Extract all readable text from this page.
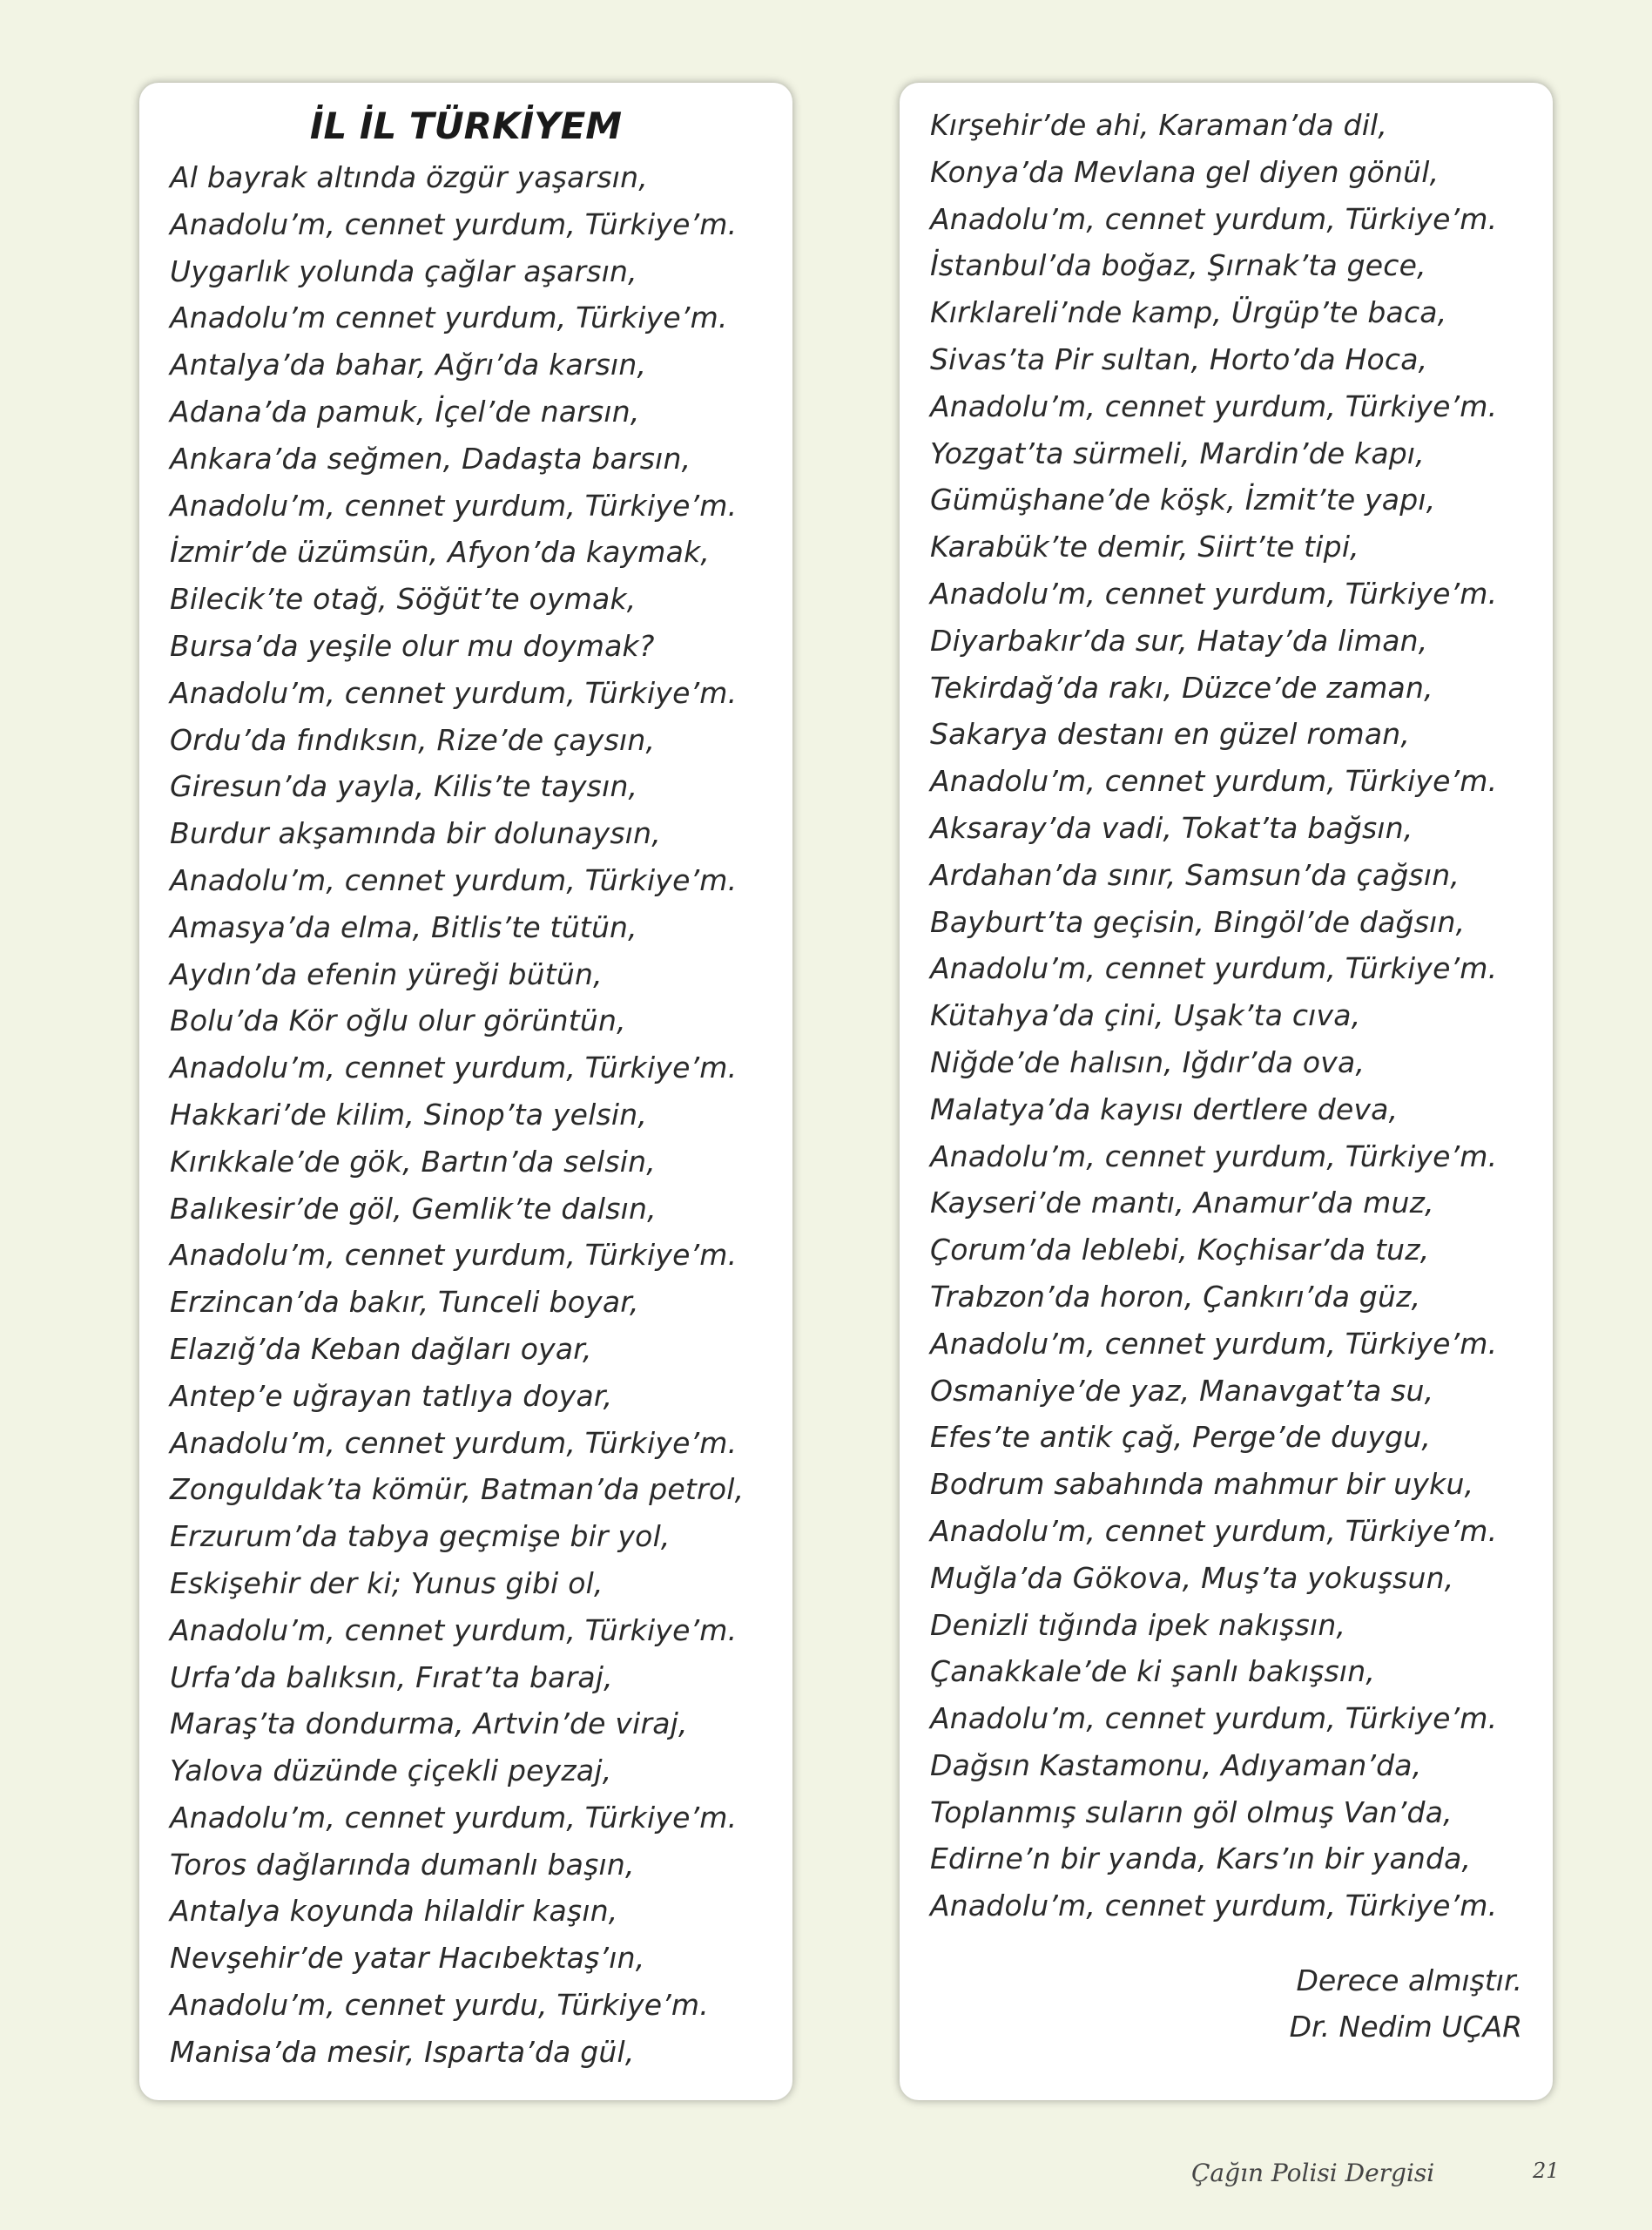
İL İL TÜRKİYEM
Al bayrak altında özgür yaşarsın,
Anadolu’m, cennet yurdum, Türkiye’m.
Uygarlık yolunda çağlar aşarsın,
Anadolu’m cennet yurdum, Türkiye’m.
Antalya’da bahar, Ağrı’da karsın,
Adana’da pamuk, İçel’de narsın,
Ankara’da seğmen, Dadaşta barsın,
Anadolu’m, cennet yurdum, Türkiye’m.
İzmir’de üzümsün, Afyon’da kaymak,
Bilecik’te otağ, Söğüt’te oymak,
Bursa’da yeşile olur mu doymak?
Anadolu’m, cennet yurdum, Türkiye’m.
Ordu’da fındıksın, Rize’de çaysın,
Giresun’da yayla, Kilis’te taysın,
Burdur akşamında bir dolunaysın,
Anadolu’m, cennet yurdum, Türkiye’m.
Amasya’da elma, Bitlis’te tütün,
Aydın’da efenin yüreği bütün,
Bolu’da Kör oğlu olur görüntün,
Anadolu’m, cennet yurdum, Türkiye’m.
Hakkari’de kilim, Sinop’ta yelsin,
Kırıkkale’de gök, Bartın’da selsin,
Balıkesir’de göl, Gemlik’te dalsın,
Anadolu’m, cennet yurdum, Türkiye’m.
Erzincan’da bakır, Tunceli boyar,
Elazığ’da Keban dağları oyar,
Antep’e uğrayan tatlıya doyar,
Anadolu’m, cennet yurdum, Türkiye’m.
Zonguldak’ta kömür, Batman’da petrol,
Erzurum’da tabya geçmişe bir yol,
Eskişehir der ki; Yunus gibi ol,
Anadolu’m, cennet yurdum, Türkiye’m.
Urfa’da balıksın, Fırat’ta baraj,
Maraş’ta dondurma, Artvin’de viraj,
Yalova düzünde çiçekli peyzaj,
Anadolu’m, cennet yurdum, Türkiye’m.
Toros dağlarında dumanlı başın,
Antalya koyunda hilaldir kaşın,
Nevşehir’de yatar Hacıbektaş’ın,
Anadolu’m, cennet yurdu, Türkiye’m.
Manisa’da mesir, Isparta’da gül,
Kırşehir’de ahi, Karaman’da dil,
Konya’da Mevlana gel diyen gönül,
Anadolu’m, cennet yurdum, Türkiye’m.
İstanbul’da boğaz, Şırnak’ta gece,
Kırklareli’nde kamp, Ürgüp’te baca,
Sivas’ta Pir sultan, Horto’da Hoca,
Anadolu’m, cennet yurdum, Türkiye’m.
Yozgat’ta sürmeli, Mardin’de kapı,
Gümüşhane’de köşk, İzmit’te yapı,
Karabük’te demir, Siirt’te tipi,
Anadolu’m, cennet yurdum, Türkiye’m.
Diyarbakır’da sur, Hatay’da liman,
Tekirdağ’da rakı, Düzce’de zaman,
Sakarya destanı en güzel roman,
Anadolu’m, cennet yurdum, Türkiye’m.
Aksaray’da vadi, Tokat’ta bağsın,
Ardahan’da sınır, Samsun’da çağsın,
Bayburt’ta geçisin, Bingöl’de dağsın,
Anadolu’m, cennet yurdum, Türkiye’m.
Kütahya’da çini, Uşak’ta cıva,
Niğde’de halısın, Iğdır’da ova,
Malatya’da kayısı dertlere deva,
Anadolu’m, cennet yurdum, Türkiye’m.
Kayseri’de mantı, Anamur’da muz,
Çorum’da leblebi, Koçhisar’da tuz,
Trabzon’da horon, Çankırı’da güz,
Anadolu’m, cennet yurdum, Türkiye’m.
Osmaniye’de yaz, Manavgat’ta su,
Efes’te antik çağ, Perge’de duygu,
Bodrum sabahında mahmur bir uyku,
Anadolu’m, cennet yurdum, Türkiye’m.
Muğla’da Gökova, Muş’ta yokuşsun,
Denizli tığında ipek nakışsın,
Çanakkale’de ki şanlı bakışsın,
Anadolu’m, cennet yurdum, Türkiye’m.
Dağsın Kastamonu, Adıyaman’da,
Toplanmış suların göl olmuş Van’da,
Edirne’n bir yanda, Kars’ın bir yanda,
Anadolu’m, cennet yurdum, Türkiye’m.
Derece almıştır.
Dr. Nedim UÇAR
Çağın Polisi Dergisi	21
